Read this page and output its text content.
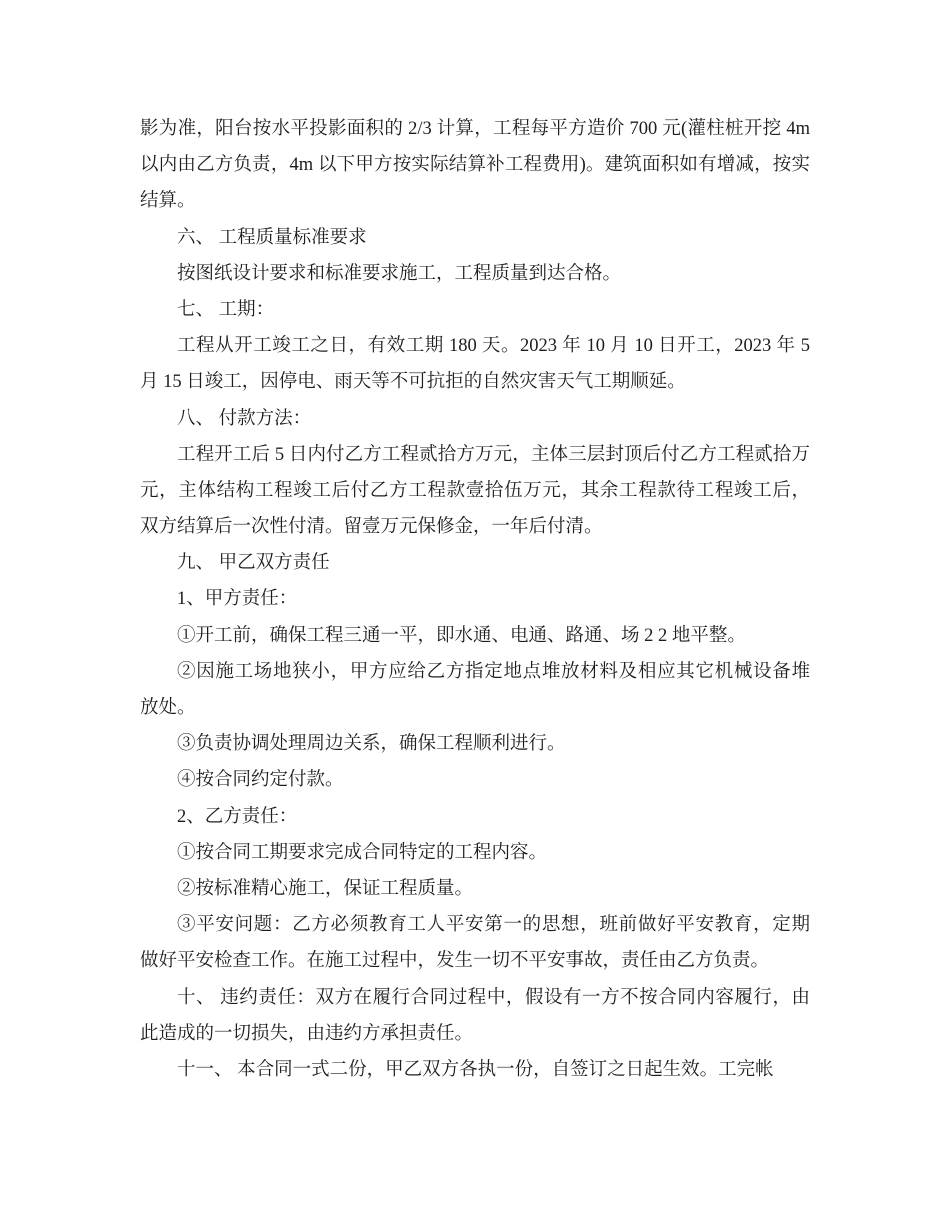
影为准，阳台按水平投影面积的 2/3 计算，工程每平方造价 700 元(灌柱桩开挖 4m
以内由乙方负责，4m 以下甲方按实际结算补工程费用)。建筑面积如有增减，按实
结算。
六、 工程质量标准要求
按图纸设计要求和标准要求施工，工程质量到达合格。
七、 工期：
工程从开工竣工之日，有效工期 180 天。2023 年 10 月 10 日开工，2023 年 5
月 15 日竣工，因停电、雨天等不可抗拒的自然灾害天气工期顺延。
八、 付款方法：
工程开工后 5 日内付乙方工程贰拾方万元，主体三层封顶后付乙方工程贰拾万
元，主体结构工程竣工后付乙方工程款壹拾伍万元，其余工程款待工程竣工后，
双方结算后一次性付清。留壹万元保修金，一年后付清。
九、 甲乙双方责任
1、甲方责任：
①开工前，确保工程三通一平，即水通、电通、路通、场 2 2 地平整。
②因施工场地狭小，甲方应给乙方指定地点堆放材料及相应其它机械设备堆
放处。
③负责协调处理周边关系，确保工程顺利进行。
④按合同约定付款。
2、乙方责任：
①按合同工期要求完成合同特定的工程内容。
②按标准精心施工，保证工程质量。
③平安问题：乙方必须教育工人平安第一的思想，班前做好平安教育，定期
做好平安检查工作。在施工过程中，发生一切不平安事故，责任由乙方负责。
十、 违约责任：双方在履行合同过程中，假设有一方不按合同内容履行，由
此造成的一切损失，由违约方承担责任。
十一、 本合同一式二份，甲乙双方各执一份，自签订之日起生效。工完帐
